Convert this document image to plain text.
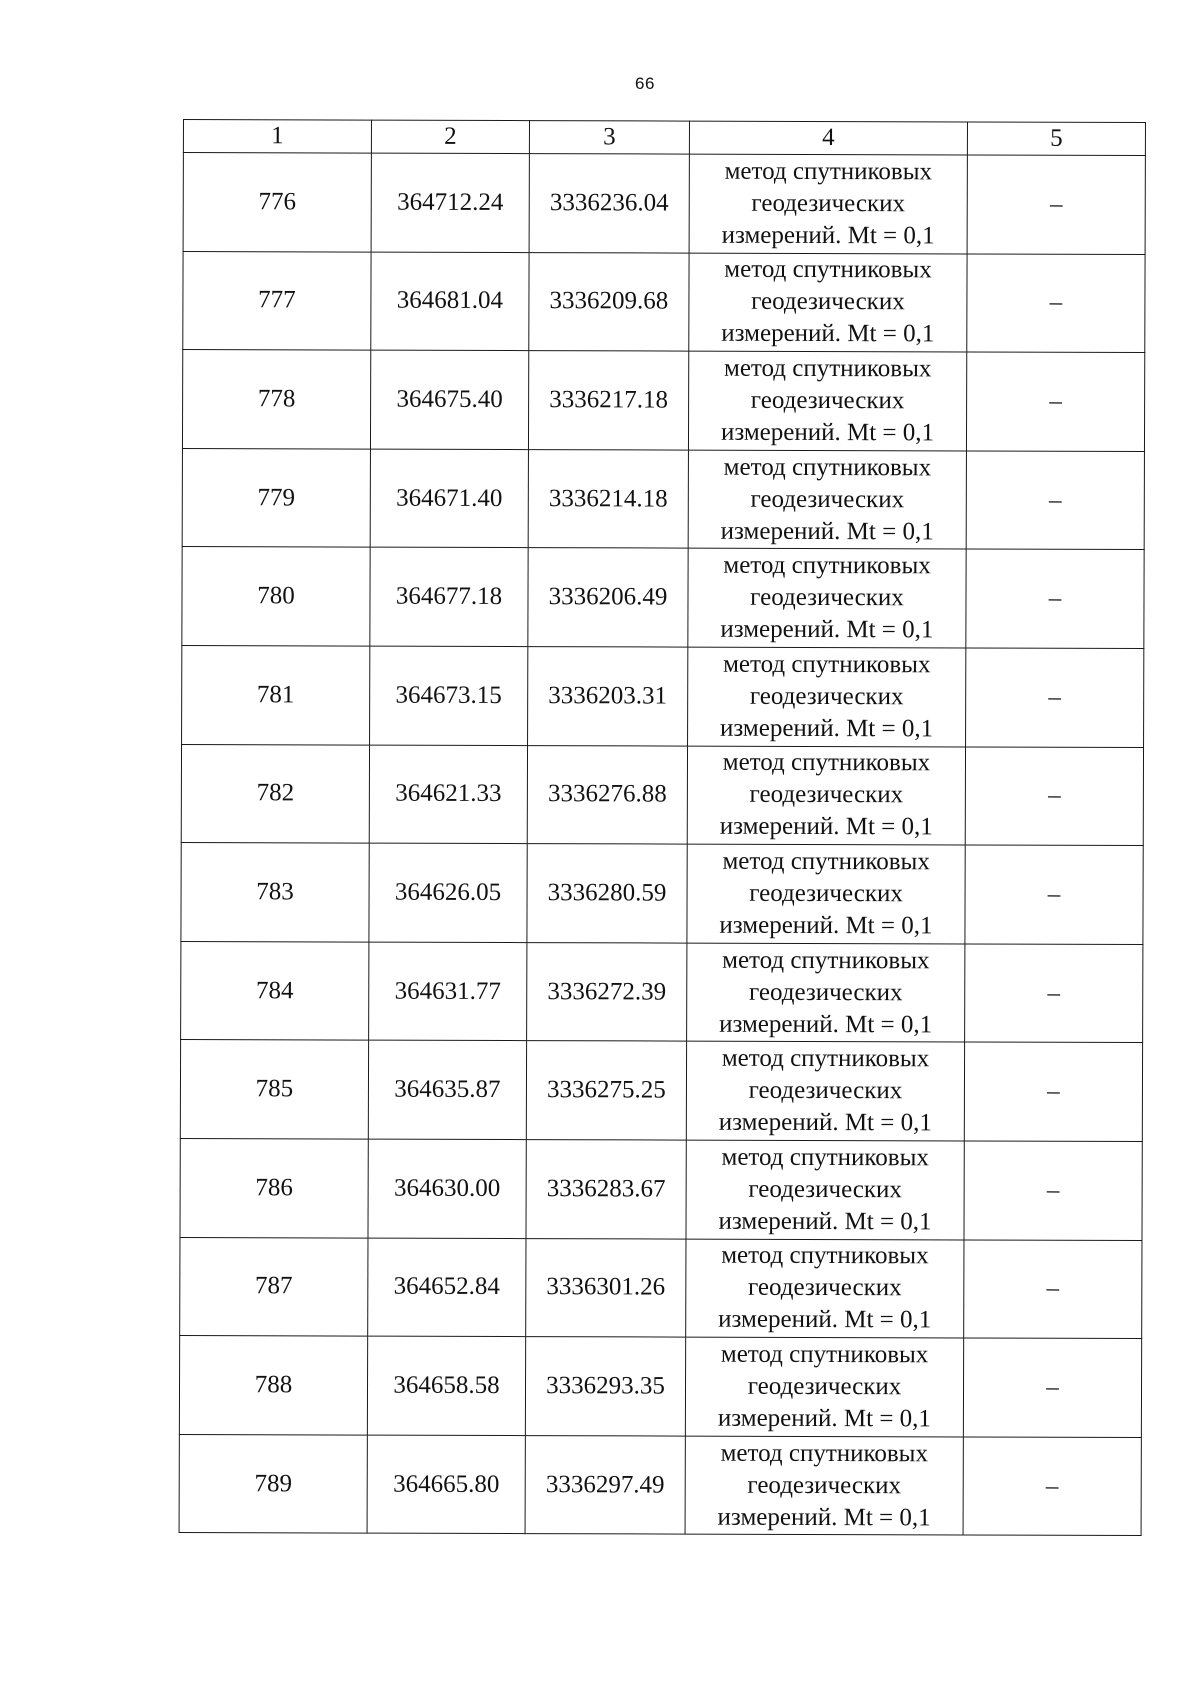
66
1	2	3	4	5
776	364712.24	3336236.04	метод спутниковых
геодезических
измерений. Mt = 0,1	–
777	364681.04	3336209.68	метод спутниковых
геодезических
измерений. Mt = 0,1	–
778	364675.40	3336217.18	метод спутниковых
геодезических
измерений. Mt = 0,1	–
779	364671.40	3336214.18	метод спутниковых
геодезических
измерений. Mt = 0,1	–
780	364677.18	3336206.49	метод спутниковых
геодезических
измерений. Mt = 0,1	–
781	364673.15	3336203.31	метод спутниковых
геодезических
измерений. Mt = 0,1	–
782	364621.33	3336276.88	метод спутниковых
геодезических
измерений. Mt = 0,1	–
783	364626.05	3336280.59	метод спутниковых
геодезических
измерений. Mt = 0,1	–
784	364631.77	3336272.39	метод спутниковых
геодезических
измерений. Mt = 0,1	–
785	364635.87	3336275.25	метод спутниковых
геодезических
измерений. Mt = 0,1	–
786	364630.00	3336283.67	метод спутниковых
геодезических
измерений. Mt = 0,1	–
787	364652.84	3336301.26	метод спутниковых
геодезических
измерений. Mt = 0,1	–
788	364658.58	3336293.35	метод спутниковых
геодезических
измерений. Mt = 0,1	–
789	364665.80	3336297.49	метод спутниковых
геодезических
измерений. Mt = 0,1	–
